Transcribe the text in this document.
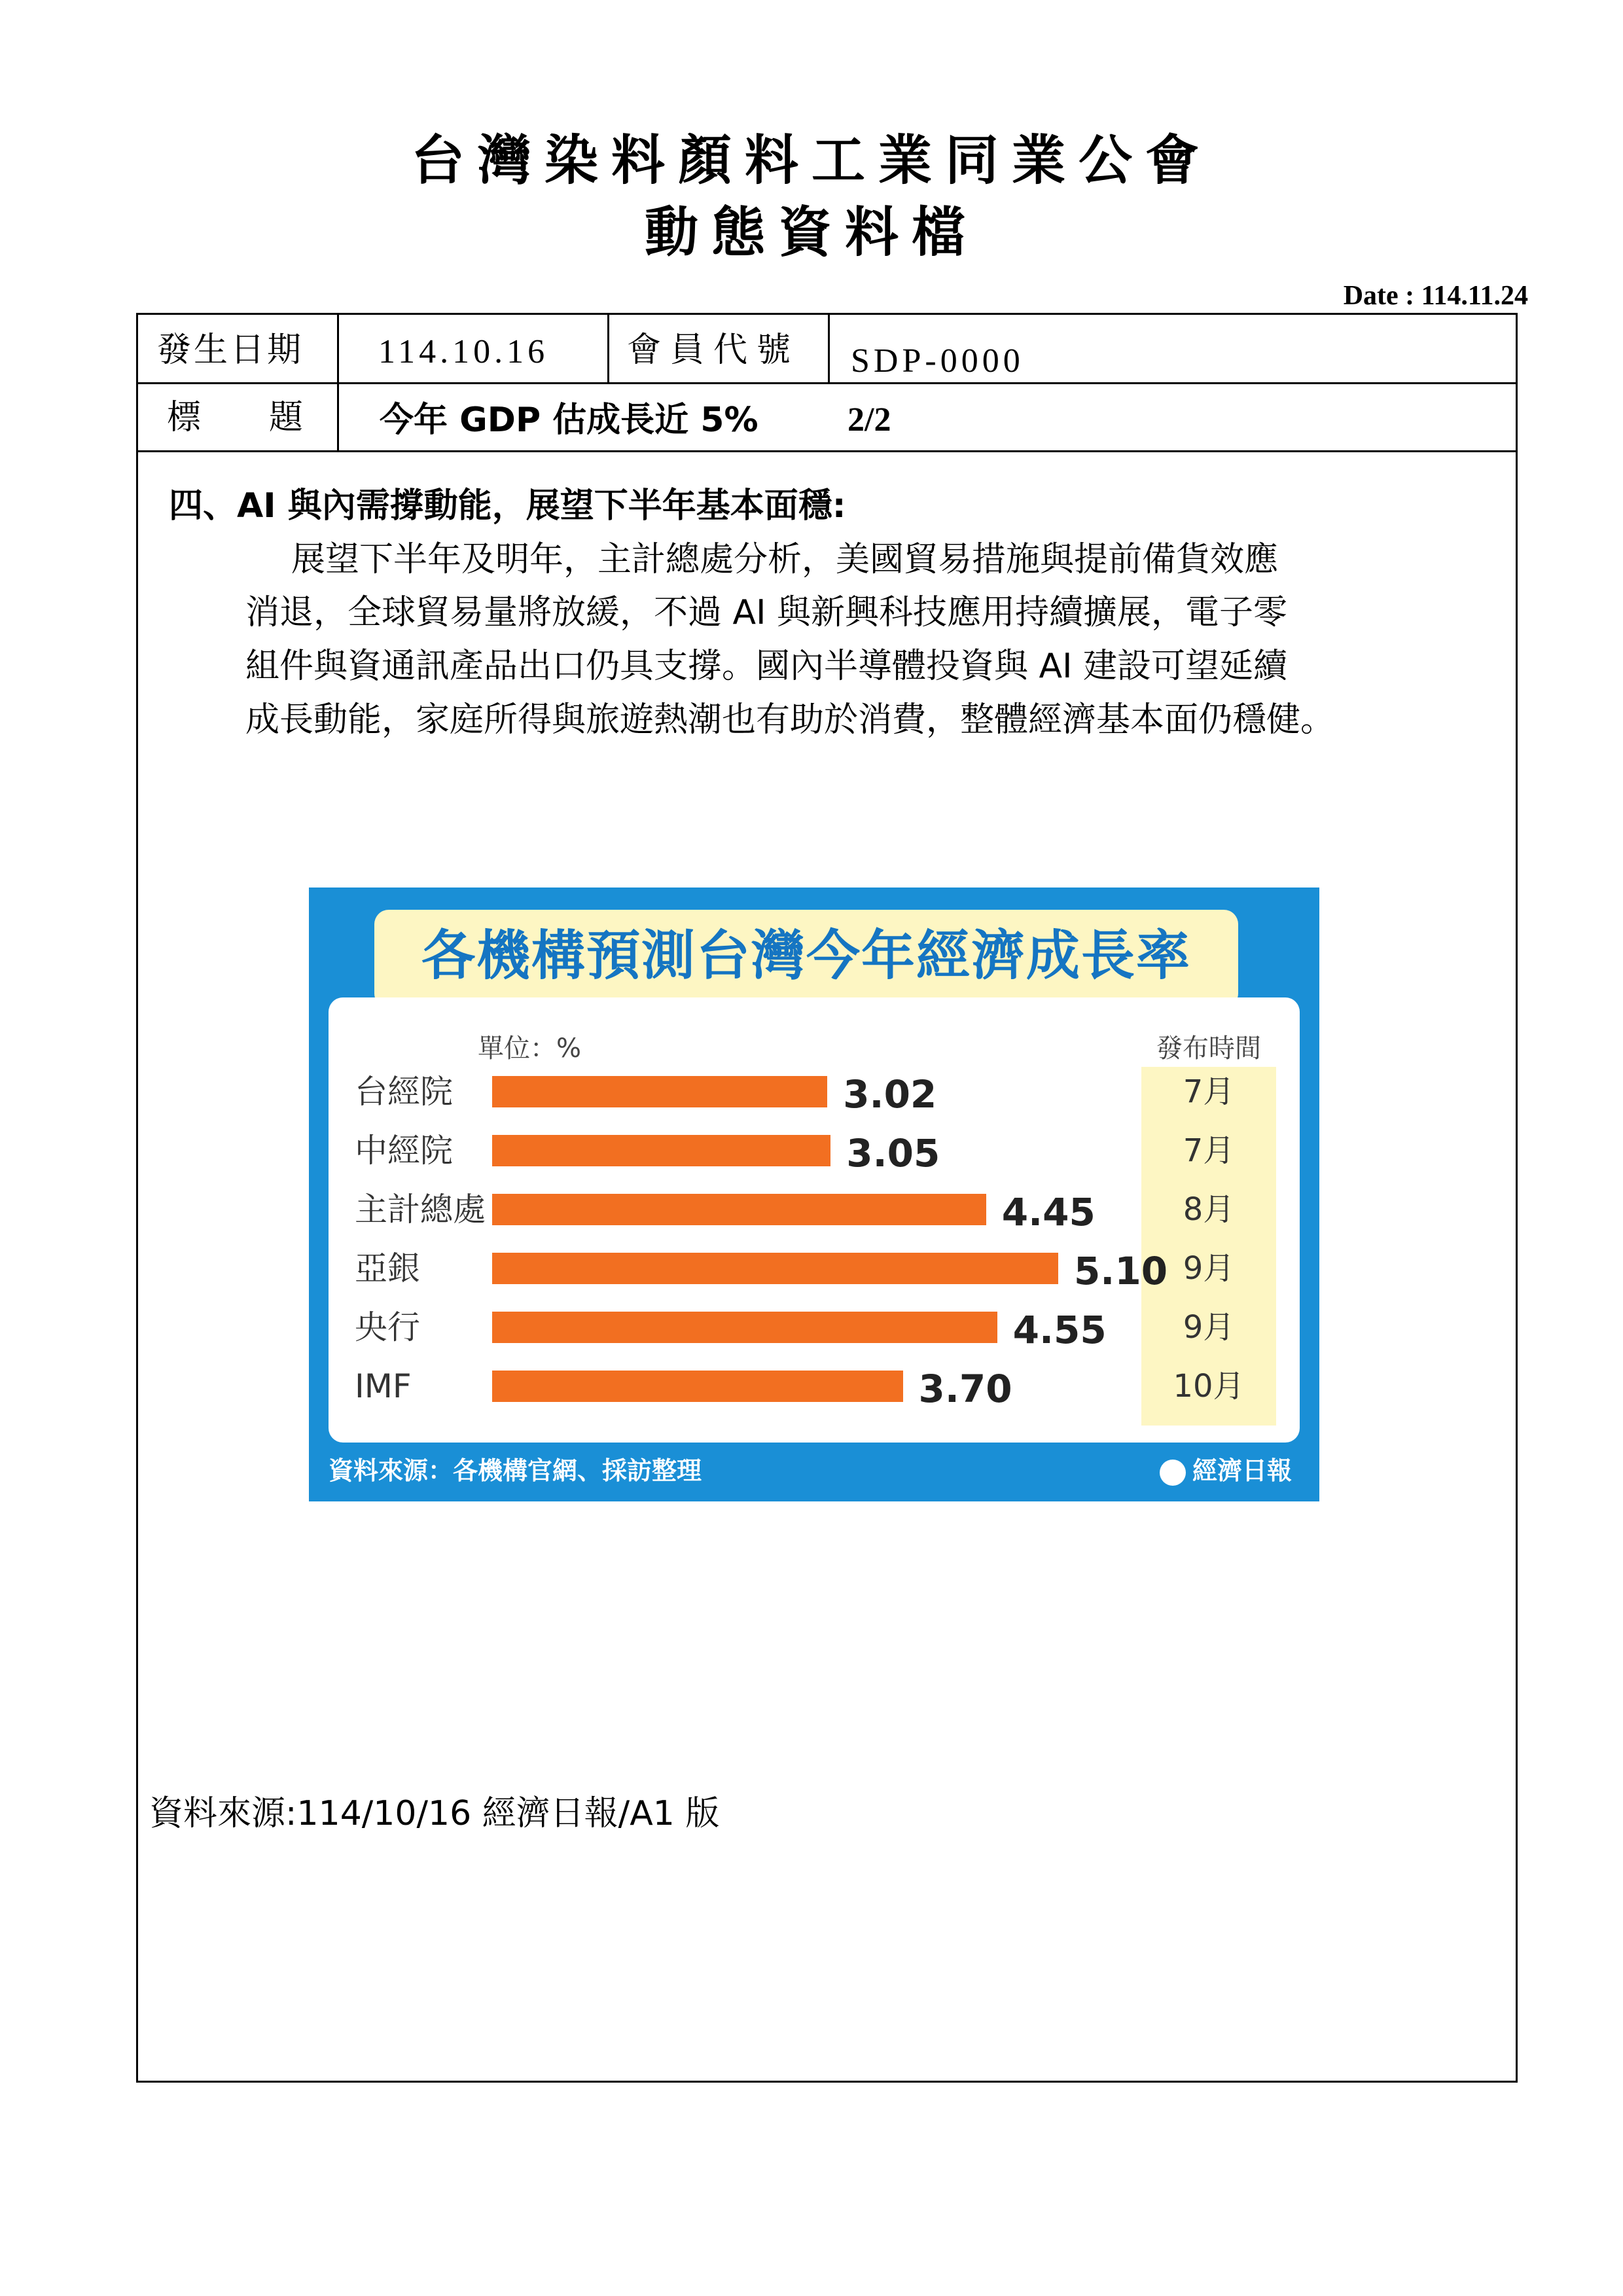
台灣染料顏料工業同業公會
動態資料檔
Date : 114.11.24
發生日期 114.10.16 會員代號 SDP-0000
標　　題 今年 GDP 估成長近 5%	2/2
四、AI 與內需撐動能，展望下半年基本面穩:
展望下半年及明年，主計總處分析，美國貿易措施與提前備貨效應
消退，全球貿易量將放緩，不過 AI 與新興科技應用持續擴展，電子零
組件與資通訊產品出口仍具支撐。國內半導體投資與 AI 建設可望延續
成長動能，家庭所得與旅遊熱潮也有助於消費，整體經濟基本面仍穩健。
各機構預測台灣今年經濟成長率
單位：%	發布時間
台經院	3.02	7月
中經院	3.05	7月
主計總處	4.45	8月
亞銀	5.10 9月
央行	4.55	9月
IMF	3.70	10月
資料來源：各機構官網、採訪整理	經濟日報
資料來源:114/10/16 經濟日報/A1 版
